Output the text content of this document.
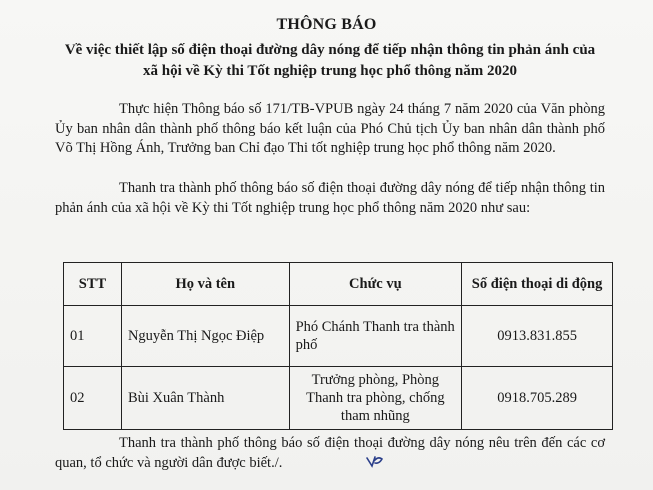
THÔNG BÁO
Về việc thiết lập số điện thoại đường dây nóng để tiếp nhận thông tin phản ánh của xã hội về Kỳ thi Tốt nghiệp trung học phổ thông năm 2020
Thực hiện Thông báo số 171/TB-VPUB ngày 24 tháng 7 năm 2020 của Văn phòng Ủy ban nhân dân thành phố thông báo kết luận của Phó Chủ tịch Ủy ban nhân dân thành phố Võ Thị Hồng Ánh, Trưởng ban Chỉ đạo Thi tốt nghiệp trung học phổ thông năm 2020.
Thanh tra thành phố thông báo số điện thoại đường dây nóng để tiếp nhận thông tin phản ánh của xã hội về Kỳ thi Tốt nghiệp trung học phổ thông năm 2020 như sau:
STT	Họ và tên	Chức vụ	Số điện thoại di động
01	Nguyễn Thị Ngọc Điệp	Phó Chánh Thanh tra thành phố	0913.831.855
02	Bùi Xuân Thành	Trưởng phòng, Phòng Thanh tra phòng, chống tham nhũng	0918.705.289
Thanh tra thành phố thông báo số điện thoại đường dây nóng nêu trên đến các cơ quan, tổ chức và người dân được biết./.
